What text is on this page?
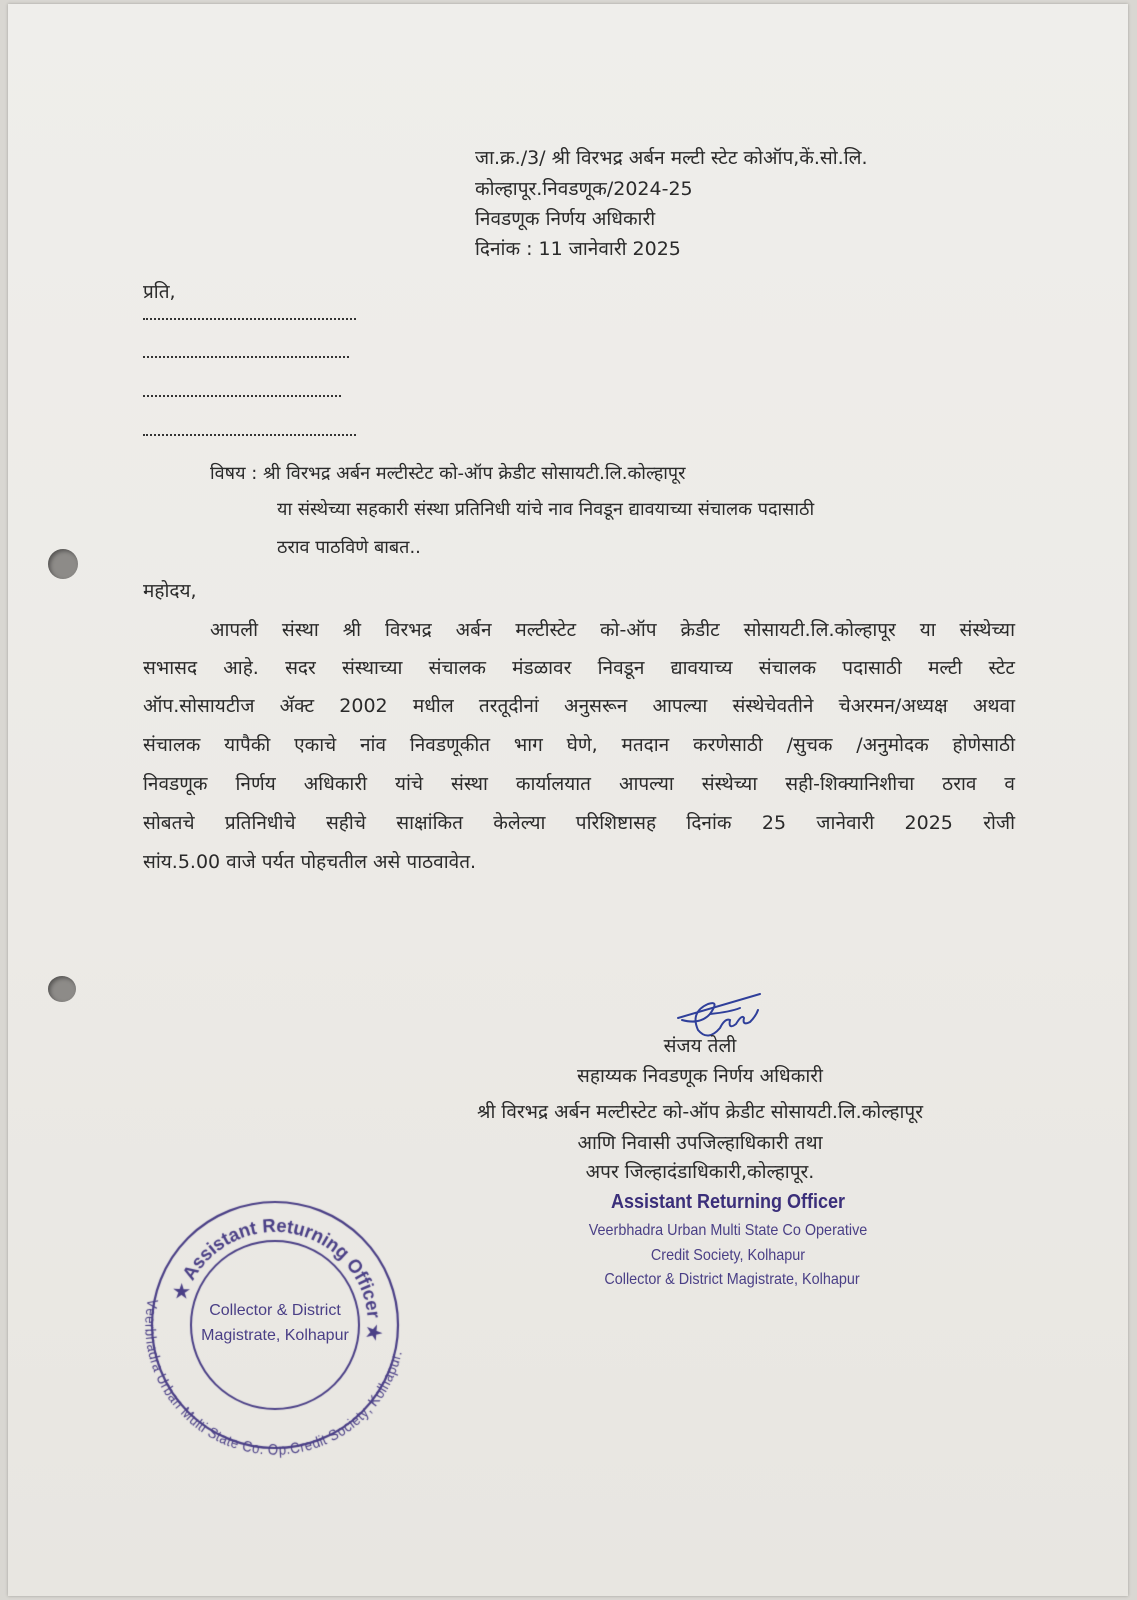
जा.क्र./3/ श्री विरभद्र अर्बन मल्टी स्टेट कोऑप,कें.सो.लि.
कोल्हापूर.निवडणूक/2024-25
निवडणूक निर्णय अधिकारी
दिनांक : 11 जानेवारी 2025
प्रति,
विषय : श्री विरभद्र अर्बन मल्टीस्टेट को-ऑप क्रेडीट सोसायटी.लि.कोल्हापूर
या संस्थेच्या सहकारी संस्था प्रतिनिधी यांचे नाव निवडून द्यावयाच्या संचालक पदासाठी
ठराव पाठविणे बाबत..
महोदय,
आपली संस्था श्री विरभद्र अर्बन मल्टीस्टेट को-ऑप क्रेडीट सोसायटी.लि.कोल्हापूर या संस्थेच्या
सभासद आहे. सदर संस्थाच्या संचालक मंडळावर निवडून द्यावयाच्य संचालक पदासाठी मल्टी स्टेट
ऑप.सोसायटीज ॲक्ट 2002 मधील तरतूदीनां अनुसरून आपल्या संस्थेचेवतीने चेअरमन/अध्यक्ष अथवा
संचालक यापैकी एकाचे नांव निवडणूकीत भाग घेणे, मतदान करणेसाठी /सुचक /अनुमोदक होणेसाठी
निवडणूक निर्णय अधिकारी यांचे संस्था कार्यालयात आपल्या संस्थेच्या सही-शिक्यानिशीचा ठराव व
सोबतचे प्रतिनिधीचे सहीचे साक्षांकित केलेल्या परिशिष्टासह दिनांक 25 जानेवारी 2025 रोजी
सांय.5.00 वाजे पर्यत पोहचतील असे पाठवावेत.
संजय तेली
सहाय्यक निवडणूक निर्णय अधिकारी
श्री विरभद्र अर्बन मल्टीस्टेट को-ऑप क्रेडीट सोसायटी.लि.कोल्हापूर
आणि निवासी उपजिल्हाधिकारी तथा
अपर जिल्हादंडाधिकारी,कोल्हापूर.
Assistant Returning Officer
Veerbhadra Urban Multi State Co Operative
Credit Society, Kolhapur
Collector & District Magistrate, Kolhapur
Collector & District
Magistrate, Kolhapur
